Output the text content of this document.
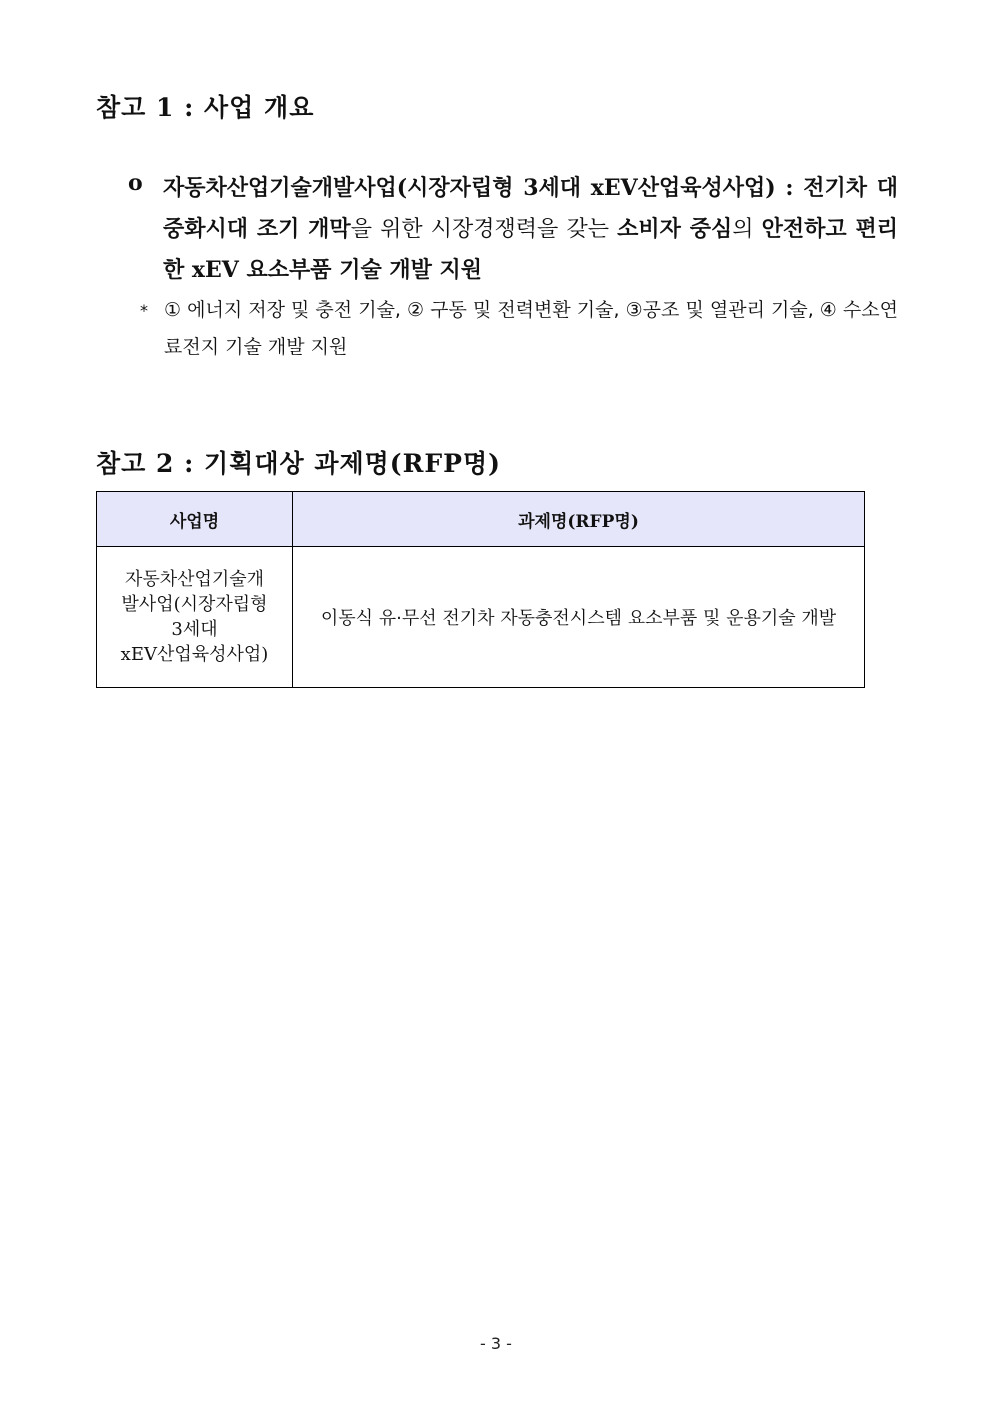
참고 1 : 사업 개요
o 자동차산업기술개발사업(시장자립형 3세대 xEV산업육성사업) : 전기차 대중화시대 조기 개막을 위한 시장경쟁력을 갖는 소비자 중심의 안전하고 편리한 xEV 요소부품 기술 개발 지원
* ① 에너지 저장 및 충전 기술, ② 구동 및 전력변환 기술, ③공조 및 열관리 기술, ④ 수소연료전지 기술 개발 지원
참고 2 : 기획대상 과제명(RFP명)
사업명	과제명(RFP명)

자동차산업기술개
발사업(시장자립형
3세대
xEV산업육성사업)	이동식 유·무선 전기차 자동충전시스템 요소부품 및 운용기술 개발
- 3 -
